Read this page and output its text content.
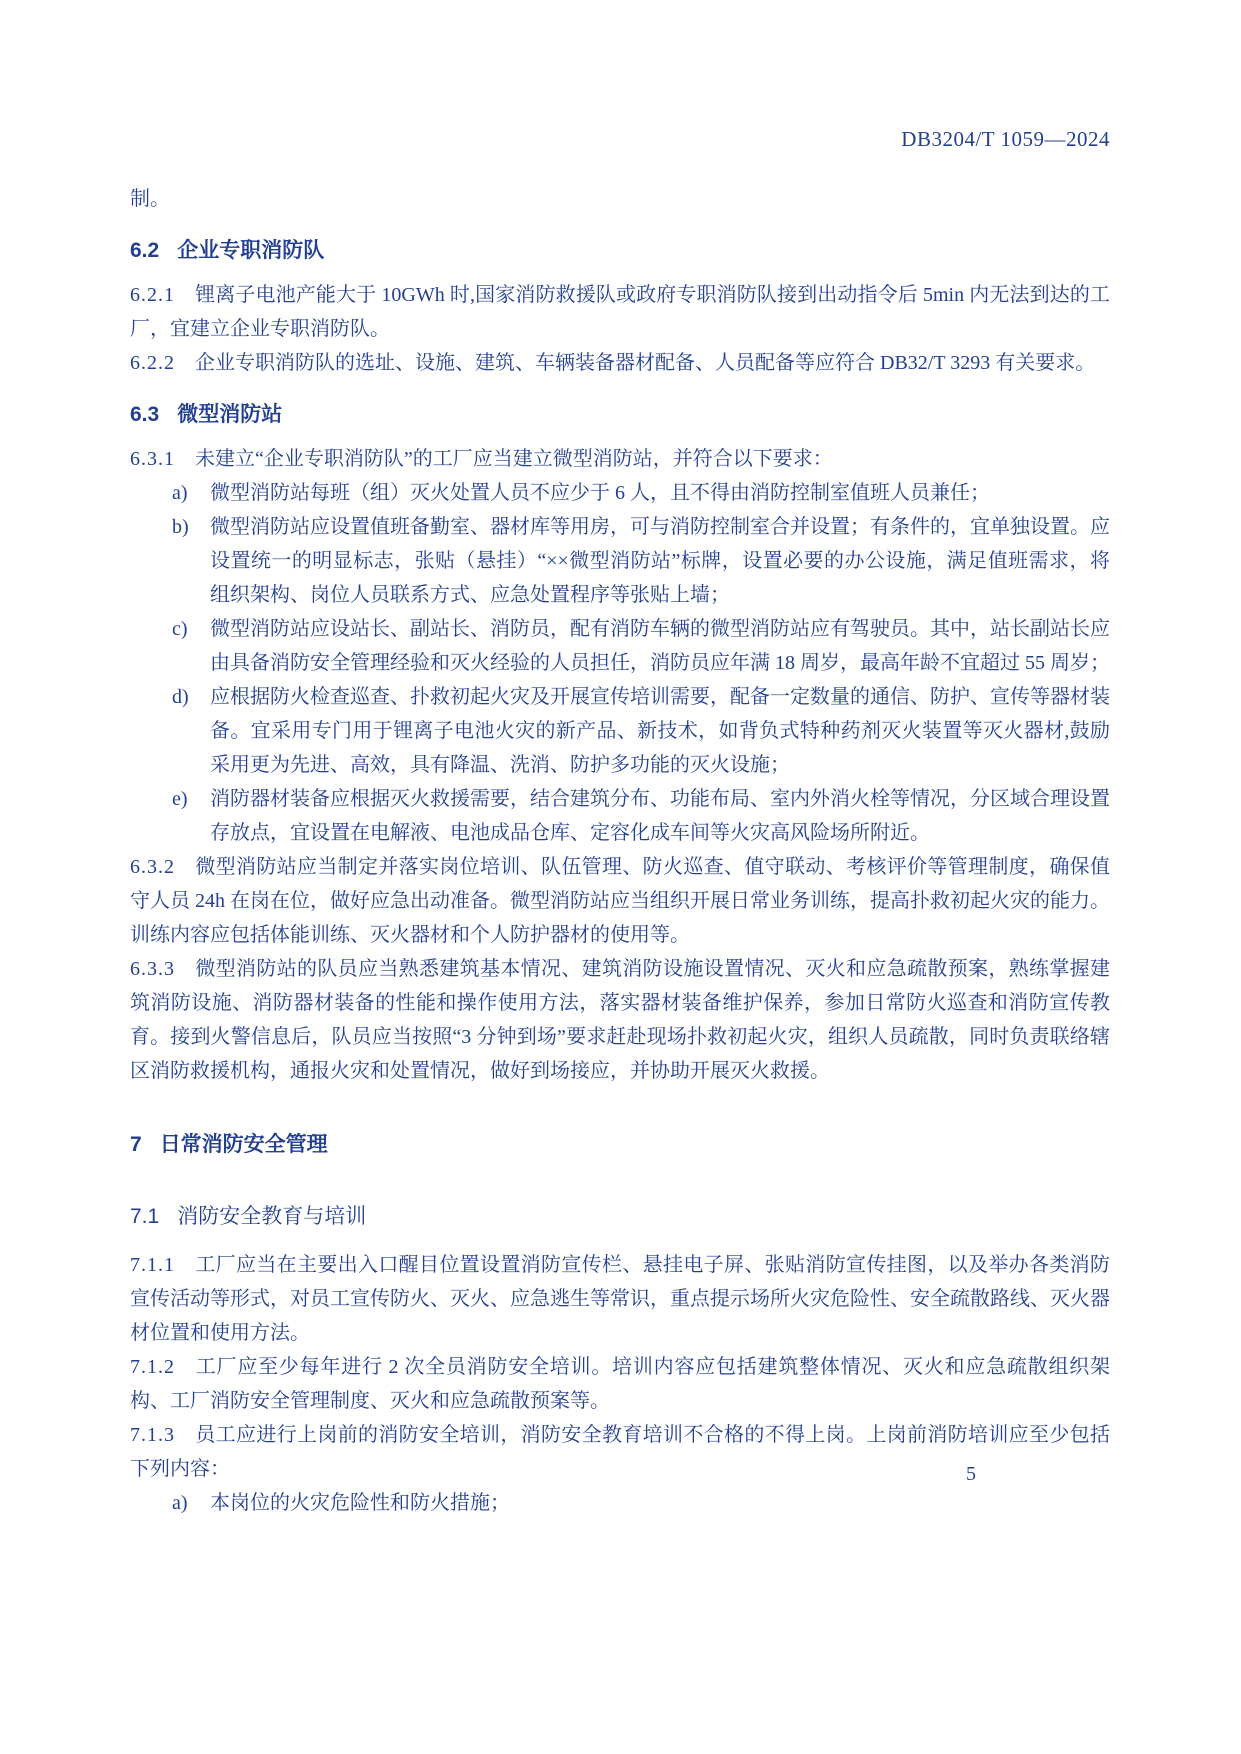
DB3204/T 1059—2024

制。

6.2 企业专职消防队

6.2.1 锂离子电池产能大于 10GWh 时,国家消防救援队或政府专职消防队接到出动指令后 5min 内无法到达的工厂，宜建立企业专职消防队。

6.2.2 企业专职消防队的选址、设施、建筑、车辆装备器材配备、人员配备等应符合 DB32/T 3293 有关要求。

6.3 微型消防站

6.3.1 未建立“企业专职消防队”的工厂应当建立微型消防站，并符合以下要求：

a) 微型消防站每班（组）灭火处置人员不应少于 6 人，且不得由消防控制室值班人员兼任；
b) 微型消防站应设置值班备勤室、器材库等用房，可与消防控制室合并设置；有条件的，宜单独设置。应设置统一的明显标志，张贴（悬挂）“××微型消防站”标牌，设置必要的办公设施，满足值班需求，将组织架构、岗位人员联系方式、应急处置程序等张贴上墙；
c) 微型消防站应设站长、副站长、消防员，配有消防车辆的微型消防站应有驾驶员。其中，站长副站长应由具备消防安全管理经验和灭火经验的人员担任，消防员应年满 18 周岁，最高年龄不宜超过 55 周岁；
d) 应根据防火检查巡查、扑救初起火灾及开展宣传培训需要，配备一定数量的通信、防护、宣传等器材装备。宜采用专门用于锂离子电池火灾的新产品、新技术，如背负式特种药剂灭火装置等灭火器材,鼓励采用更为先进、高效，具有降温、洗消、防护多功能的灭火设施；
e) 消防器材装备应根据灭火救援需要，结合建筑分布、功能布局、室内外消火栓等情况，分区域合理设置存放点，宜设置在电解液、电池成品仓库、定容化成车间等火灾高风险场所附近。

6.3.2 微型消防站应当制定并落实岗位培训、队伍管理、防火巡查、值守联动、考核评价等管理制度，确保值守人员 24h 在岗在位，做好应急出动准备。微型消防站应当组织开展日常业务训练，提高扑救初起火灾的能力。训练内容应包括体能训练、灭火器材和个人防护器材的使用等。

6.3.3 微型消防站的队员应当熟悉建筑基本情况、建筑消防设施设置情况、灭火和应急疏散预案，熟练掌握建筑消防设施、消防器材装备的性能和操作使用方法，落实器材装备维护保养，参加日常防火巡查和消防宣传教育。接到火警信息后，队员应当按照“3 分钟到场”要求赶赴现场扑救初起火灾，组织人员疏散，同时负责联络辖区消防救援机构，通报火灾和处置情况，做好到场接应，并协助开展灭火救援。

7 日常消防安全管理
7.1 消防安全教育与培训

7.1.1 工厂应当在主要出入口醒目位置设置消防宣传栏、悬挂电子屏、张贴消防宣传挂图，以及举办各类消防宣传活动等形式，对员工宣传防火、灭火、应急逃生等常识，重点提示场所火灾危险性、安全疏散路线、灭火器材位置和使用方法。

7.1.2 工厂应至少每年进行 2 次全员消防安全培训。培训内容应包括建筑整体情况、灭火和应急疏散组织架构、工厂消防安全管理制度、灭火和应急疏散预案等。

7.1.3 员工应进行上岗前的消防安全培训，消防安全教育培训不合格的不得上岗。上岗前消防培训应至少包括下列内容：

a) 本岗位的火灾危险性和防火措施；
5
